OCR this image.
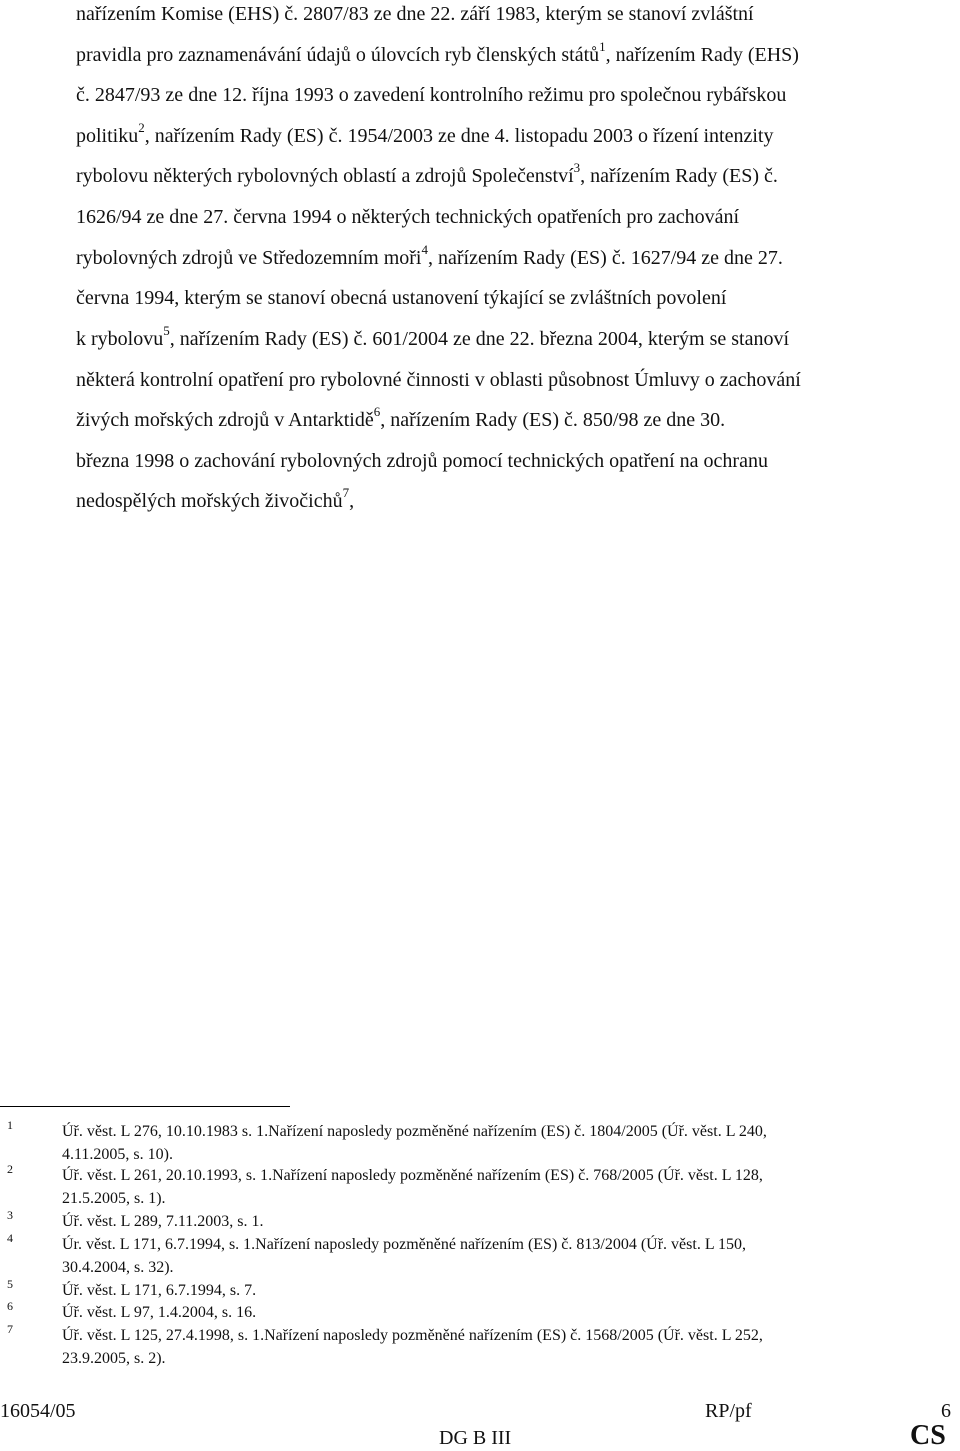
nařízením Komise (EHS) č. 2807/83 ze dne 22. září 1983, kterým se stanoví zvláštní
pravidla pro zaznamenávání údajů o úlovcích ryb členských států$^1$, nařízením Rady (EHS)
č. 2847/93 ze dne 12. října 1993 o zavedení kontrolního režimu pro společnou rybářskou
politiku$^2$, nařízením Rady (ES) č. 1954/2003 ze dne 4. listopadu 2003 o řízení intenzity
rybolovu některých rybolovných oblastí a zdrojů Společenství$^3$, nařízením Rady (ES) č.
1626/94 ze dne 27. června 1994 o některých technických opatřeních pro zachování
rybolovných zdrojů ve Středozemním moři$^4$, nařízením Rady (ES) č. 1627/94 ze dne 27.
června 1994, kterým se stanoví obecná ustanovení týkající se zvláštních povolení
k rybolovu$^5$, nařízením Rady (ES) č. 601/2004 ze dne 22. března 2004, kterým se stanoví
některá kontrolní opatření pro rybolovné činnosti v oblasti působnost Úmluvy o zachování
živých mořských zdrojů v Antarktidě$^6$, nařízením Rady (ES) č. 850/98 ze dne 30.
března 1998 o zachování rybolovných zdrojů pomocí technických opatření na ochranu
nedospělých mořských živočichů$^7$,
1	Úř. věst. L 276, 10.10.1983 s. 1.Nařízení naposledy pozměněné nařízením (ES) č. 1804/2005 (Úř. věst. L 240,
4.11.2005, s. 10).
2	Úř. věst. L 261, 20.10.1993, s. 1.Nařízení naposledy pozměněné nařízením (ES) č. 768/2005 (Úř. věst. L 128,
21.5.2005, s. 1).
3	Úř. věst. L 289, 7.11.2003, s. 1.
4	Úr. věst. L 171, 6.7.1994, s. 1.Nařízení naposledy pozměněné nařízením (ES) č. 813/2004 (Úř. věst. L 150,
30.4.2004, s. 32).
5	Úř. věst. L 171, 6.7.1994, s. 7.
6	Úř. věst. L 97, 1.4.2004, s. 16.
7	Úř. věst. L 125, 27.4.1998, s. 1.Nařízení naposledy pozměněné nařízením (ES) č. 1568/2005 (Úř. věst. L 252,
23.9.2005, s. 2).
16054/05	RP/pf	6
DG B III	CS
